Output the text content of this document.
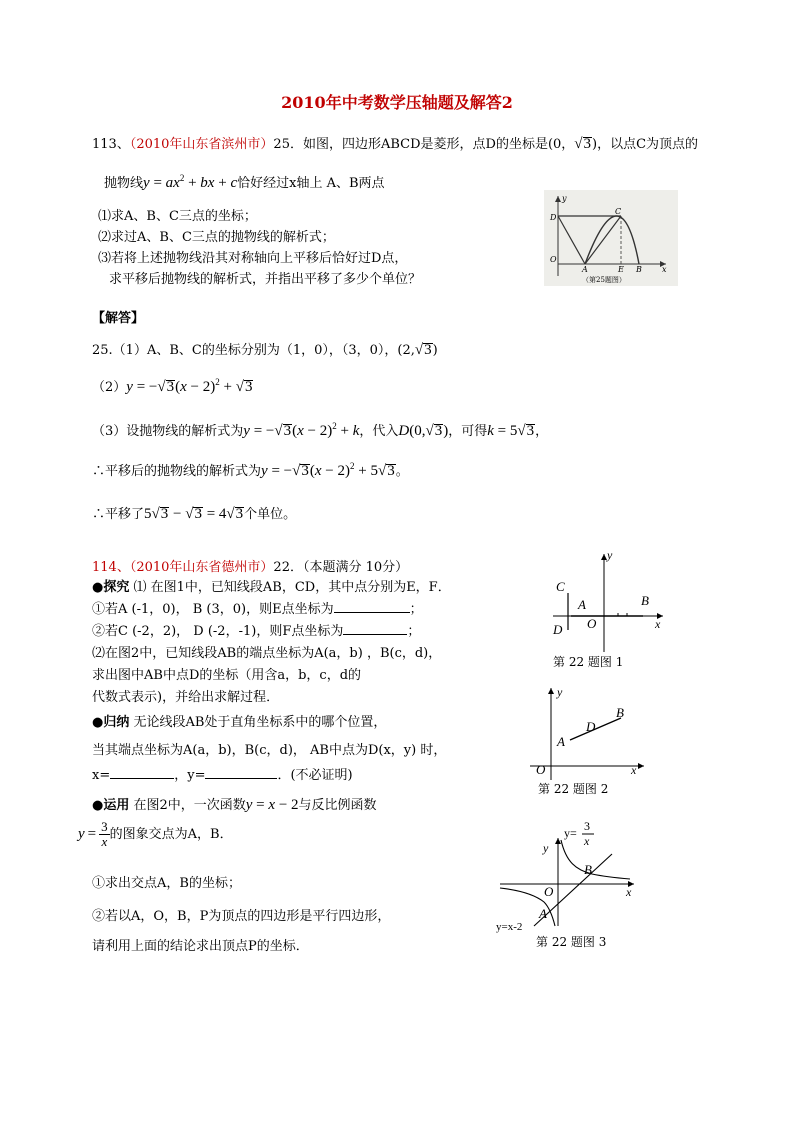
2010年中考数学压轴题及解答2
113、（2010年山东省滨州市）25．如图，四边形ABCD是菱形，点D的坐标是(0，√3)，以点C为顶点的
抛物线$y = ax^2$ + bx + c恰好经过x轴上 A、B两点
⑴求A、B、C三点的坐标；
⑵求过A、B、C三点的抛物线的解析式；
⑶若将上述抛物线沿其对称轴向上平移后恰好过D点，
求平移后抛物线的解析式，并指出平移了多少个单位？
y
D
C
O
A	E B	x
（第25题图）
【解答】
25.（1）A、B、C的坐标分别为（1，0），（3，0），(2,√3)
$(2)y = -√3(x - 2)^2 + √3$
（3）设抛物线的解析式为$y = -√3(x - 2)^2 + k$，代入D(0,√3)，可得k = 5√3，
∴平移后的抛物线的解析式为$y = -√3(x - 2)^2 + 5√3$。
∴平移了5√3 − √3 = 4√3个单位。
114、（2010年山东省德州市）22．（本题满分 10分）
●探究 ⑴ 在图1中，已知线段AB，CD，其中点分别为E，F．
①若A (-1，0)， B (3，0)，则E点坐标为	；
②若C (-2，2)， D (-2，-1)，则F点坐标为	；
⑵在图2中，已知线段AB的端点坐标为A(a，b) ，B(c，d)，
求出图中AB中点D的坐标（用含a，b，c，d的
代数式表示)，并给出求解过程．
●归纳 无论线段AB处于直角坐标系中的哪个位置，
当其端点坐标为A(a，b)，B(c，d)， AB中点为D(x，y) 时，
x=	，y=	．(不必证明)
●运用 在图2中，一次函数y = x − 2与反比例函数
y = 3
x 的图象交点为A，B．
①求出交点A，B的坐标；
②若以A，O，B，P为顶点的四边形是平行四边形，
请利用上面的结论求出顶点P的坐标．
y
C
A	B
O
D	x
第 22 题图 1
y
B
D
A
O	x
第 22 题图 2
y= 3
x
y
B
O
A
x
y=x-2
第 22 题图 3
